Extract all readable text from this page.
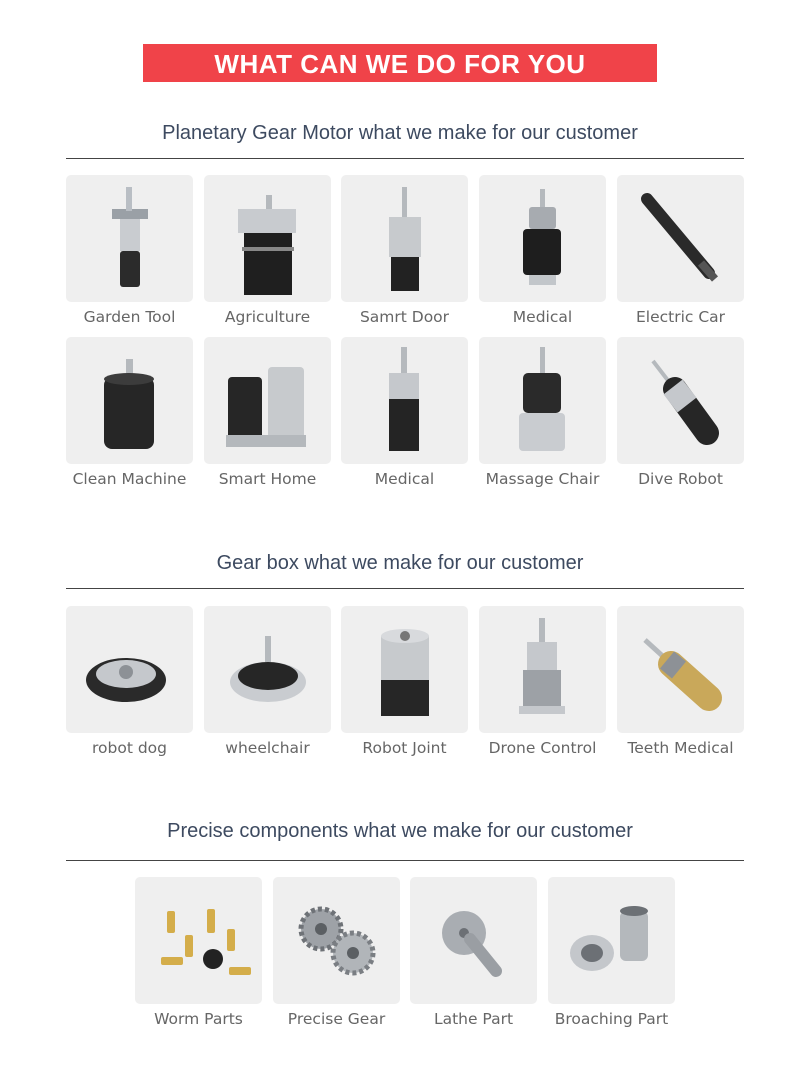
WHAT CAN WE DO FOR YOU
Planetary Gear Motor what we make for our customer
Garden Tool	Agriculture	Samrt Door	Medical	Electric Car
Clean Machine	Smart Home	Medical	Massage Chair	Dive Robot
Gear box what we make for our customer
robot dog	wheelchair	Robot Joint	Drone Control	Teeth Medical
Precise components what we make for our customer
Worm Parts	Precise Gear	Lathe Part	Broaching Part
